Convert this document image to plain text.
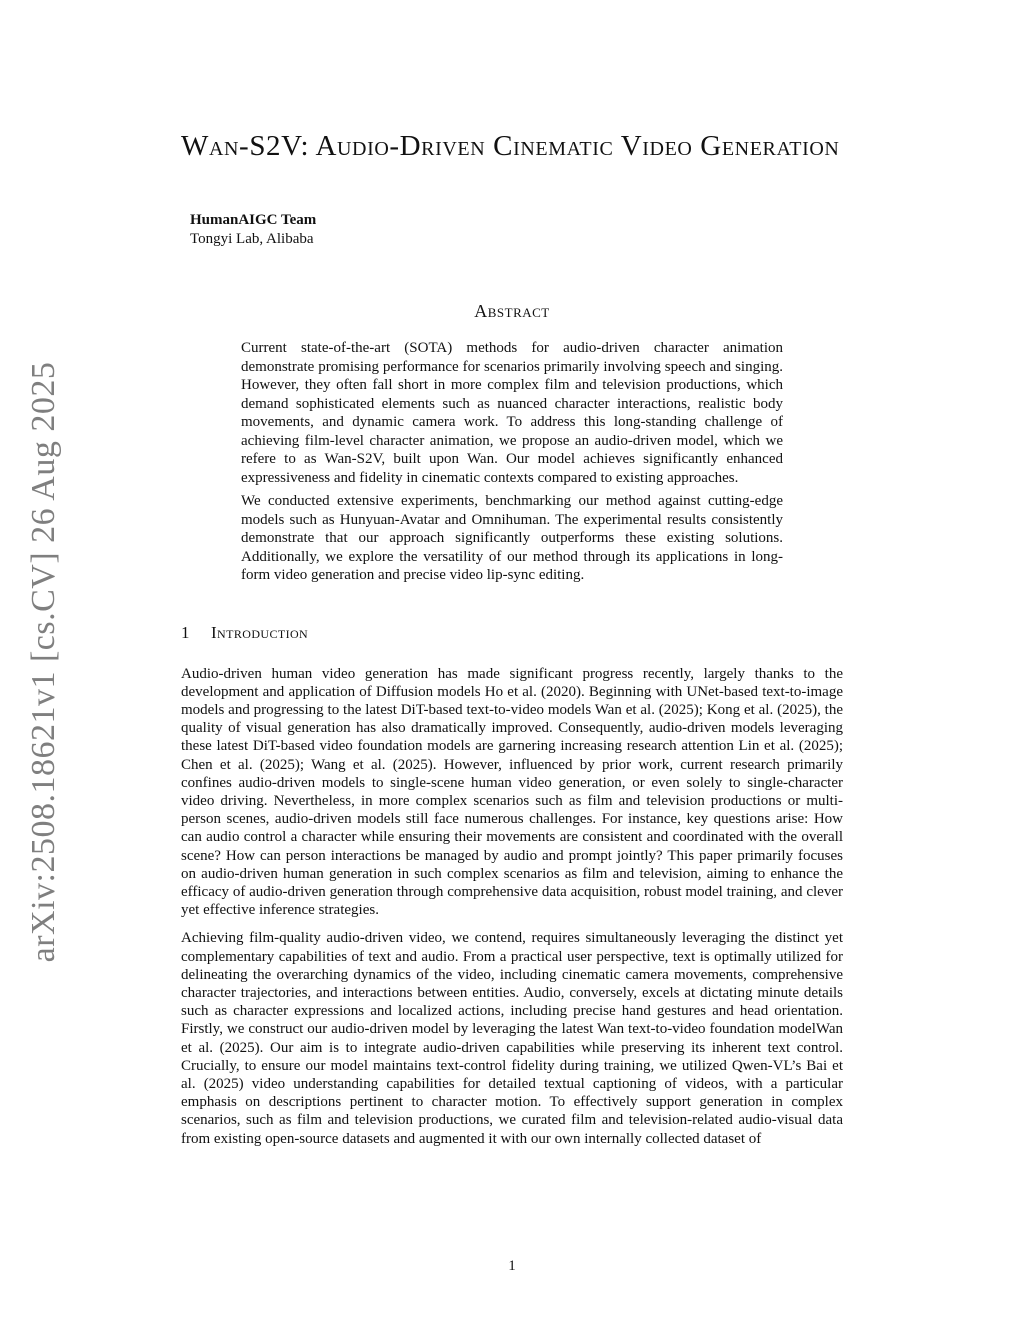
arXiv:2508.18621v1 [cs.CV] 26 Aug 2025
Wan-S2V: Audio-Driven Cinematic Video Generation
HumanAIGC Team
Tongyi Lab, Alibaba
Abstract

Current state-of-the-art (SOTA) methods for audio-driven character animation demonstrate promising performance for scenarios primarily involving speech and singing. However, they often fall short in more complex film and television productions, which demand sophisticated elements such as nuanced character interactions, realistic body movements, and dynamic camera work. To address this long-standing challenge of achieving film-level character animation, we propose an audio-driven model, which we refere to as Wan-S2V, built upon Wan. Our model achieves significantly enhanced expressiveness and fidelity in cinematic contexts compared to existing approaches.

We conducted extensive experiments, benchmarking our method against cutting-edge models such as Hunyuan-Avatar and Omnihuman. The experimental results consistently demonstrate that our approach significantly outperforms these existing solutions. Additionally, we explore the versatility of our method through its applications in long-form video generation and precise video lip-sync editing.

1 Introduction

Audio-driven human video generation has made significant progress recently, largely thanks to the development and application of Diffusion models Ho et al. (2020). Beginning with UNet-based text-to-image models and progressing to the latest DiT-based text-to-video models Wan et al. (2025); Kong et al. (2025), the quality of visual generation has also dramatically improved. Consequently, audio-driven models leveraging these latest DiT-based video foundation models are garnering increasing research attention Lin et al. (2025); Chen et al. (2025); Wang et al. (2025). However, influenced by prior work, current research primarily confines audio-driven models to single-scene human video generation, or even solely to single-character video driving. Nevertheless, in more complex scenarios such as film and television productions or multi-person scenes, audio-driven models still face numerous challenges. For instance, key questions arise: How can audio control a character while ensuring their movements are consistent and coordinated with the overall scene? How can person interactions be managed by audio and prompt jointly? This paper primarily focuses on audio-driven human generation in such complex scenarios as film and television, aiming to enhance the efficacy of audio-driven generation through comprehensive data acquisition, robust model training, and clever yet effective inference strategies.

Achieving film-quality audio-driven video, we contend, requires simultaneously leveraging the distinct yet complementary capabilities of text and audio. From a practical user perspective, text is optimally utilized for delineating the overarching dynamics of the video, including cinematic camera movements, comprehensive character trajectories, and interactions between entities. Audio, conversely, excels at dictating minute details such as character expressions and localized actions, including precise hand gestures and head orientation. Firstly, we construct our audio-driven model by leveraging the latest Wan text-to-video foundation modelWan et al. (2025). Our aim is to integrate audio-driven capabilities while preserving its inherent text control. Crucially, to ensure our model maintains text-control fidelity during training, we utilized Qwen-VL’s Bai et al. (2025) video understanding capabilities for detailed textual captioning of videos, with a particular emphasis on descriptions pertinent to character motion. To effectively support generation in complex scenarios, such as film and television productions, we curated film and television-related audio-visual data from existing open-source datasets and augmented it with our own internally collected dataset of

1
